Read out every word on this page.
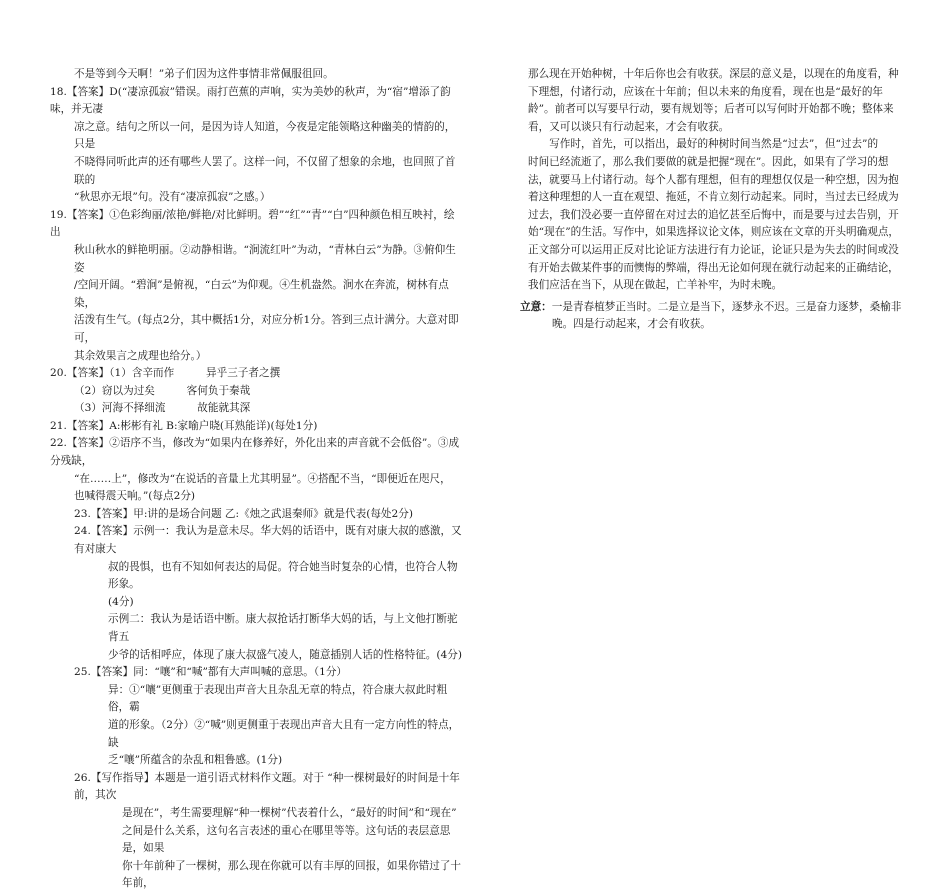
不是等到今天啊！”弟子们因为这件事情非常佩服徂回。

18.【答案】D(“凄凉孤寂”错误。雨打芭蕉的声响，实为美妙的秋声，为“宿”增添了韵味，并无凄

凉之意。结句之所以一问，是因为诗人知道，今夜是定能领略这种幽美的情韵的，只是

不晓得同听此声的还有哪些人罢了。这样一问，不仅留了想象的余地，也回照了首联的

“秋思亦无垠”句。没有“凄凉孤寂”之感。）

19.【答案】①色彩绚丽/浓艳/鲜艳/对比鲜明。碧”“红”“青”“白”四种颜色相互映衬，绘出

秋山秋水的鲜艳明丽。②动静相谐。“涧流红叶”为动，“青林白云”为静。③俯仰生姿

/空间开阔。“碧涧”是俯视，“白云”为仰观。④生机盎然。涧水在奔流，树林有点染，

活泼有生气。(每点2分，其中概括1分，对应分析1分。答到三点计满分。大意对即可，

其余效果言之成理也给分。）

20.【答案】（1）含辛而作　　　异乎三子者之撰

（2）窃以为过矣　　　客何负于秦哉

（3）河海不择细流　　　故能就其深

21.【答案】A:彬彬有礼 B:家喻户晓(耳熟能详)(每处1分)

22.【答案】②语序不当，修改为“如果内在修养好，外化出来的声音就不会低俗”。③成分残缺，

“在……上”，修改为“在说话的音量上尤其明显”。④搭配不当，“即便近在咫尺，

也喊得震天响。”(每点2分)

23.【答案】甲:讲的是场合问题 乙:《烛之武退秦师》就是代表(每处2分)

24.【答案】示例一：我认为是意未尽。华大妈的话语中，既有对康大叔的感激，又有对康大

叔的畏惧，也有不知如何表达的局促。符合她当时复杂的心情，也符合人物形象。

(4分)

示例二：我认为是话语中断。康大叔抢话打断华大妈的话，与上文他打断驼背五

少爷的话相呼应，体现了康大叔盛气凌人，随意插别人话的性格特征。(4分)

25.【答案】同：“嚷”和“喊”都有大声叫喊的意思。（1分）

异：①“嚷”更侧重于表现出声音大且杂乱无章的特点，符合康大叔此时粗俗，霸

道的形象。（2分）②“喊”则更侧重于表现出声音大且有一定方向性的特点，缺

乏“嚷”所蕴含的杂乱和粗鲁感。(1分)

26.【写作指导】本题是一道引语式材料作文题。对于 “种一棵树最好的时间是十年前，其次

是现在”，考生需要理解“种一棵树”代表着什么，“最好的时间”和“现在”

之间是什么关系，这句名言表述的重心在哪里等等。这句话的表层意思是，如果

你十年前种了一棵树，那么现在你就可以有丰厚的回报，如果你错过了十年前，

那么现在开始种树，十年后你也会有收获。深层的意义是，以现在的角度看，种

下理想，付诸行动，应该在十年前；但以未来的角度看，现在也是“最好的年

龄”。前者可以写要早行动，要有规划等；后者可以写何时开始都不晚；整体来

看，又可以谈只有行动起来，才会有收获。

写作时，首先，可以指出，最好的种树时间当然是“过去”，但“过去”的

时间已经流逝了，那么我们要做的就是把握“现在”。因此，如果有了学习的想

法，就要马上付诸行动。每个人都有理想，但有的理想仅仅是一种空想，因为抱

着这种理想的人一直在观望、拖延，不肯立刻行动起来。同时，当过去已经成为

过去，我们没必要一直停留在对过去的追忆甚至后悔中，而是要与过去告别，开

始“现在”的生活。写作中，如果选择议论文体，则应该在文章的开头明确观点，

正文部分可以运用正反对比论证方法进行有力论证，论证只是为失去的时间或没

有开始去做某件事的而懊悔的弊端，得出无论如何现在就行动起来的正确结论，

我们应活在当下，从现在做起，亡羊补牢，为时未晚。

立意：一是青春植梦正当时。二是立是当下，逐梦永不迟。三是奋力逐梦，桑榆非

晚。四是行动起来，才会有收获。
